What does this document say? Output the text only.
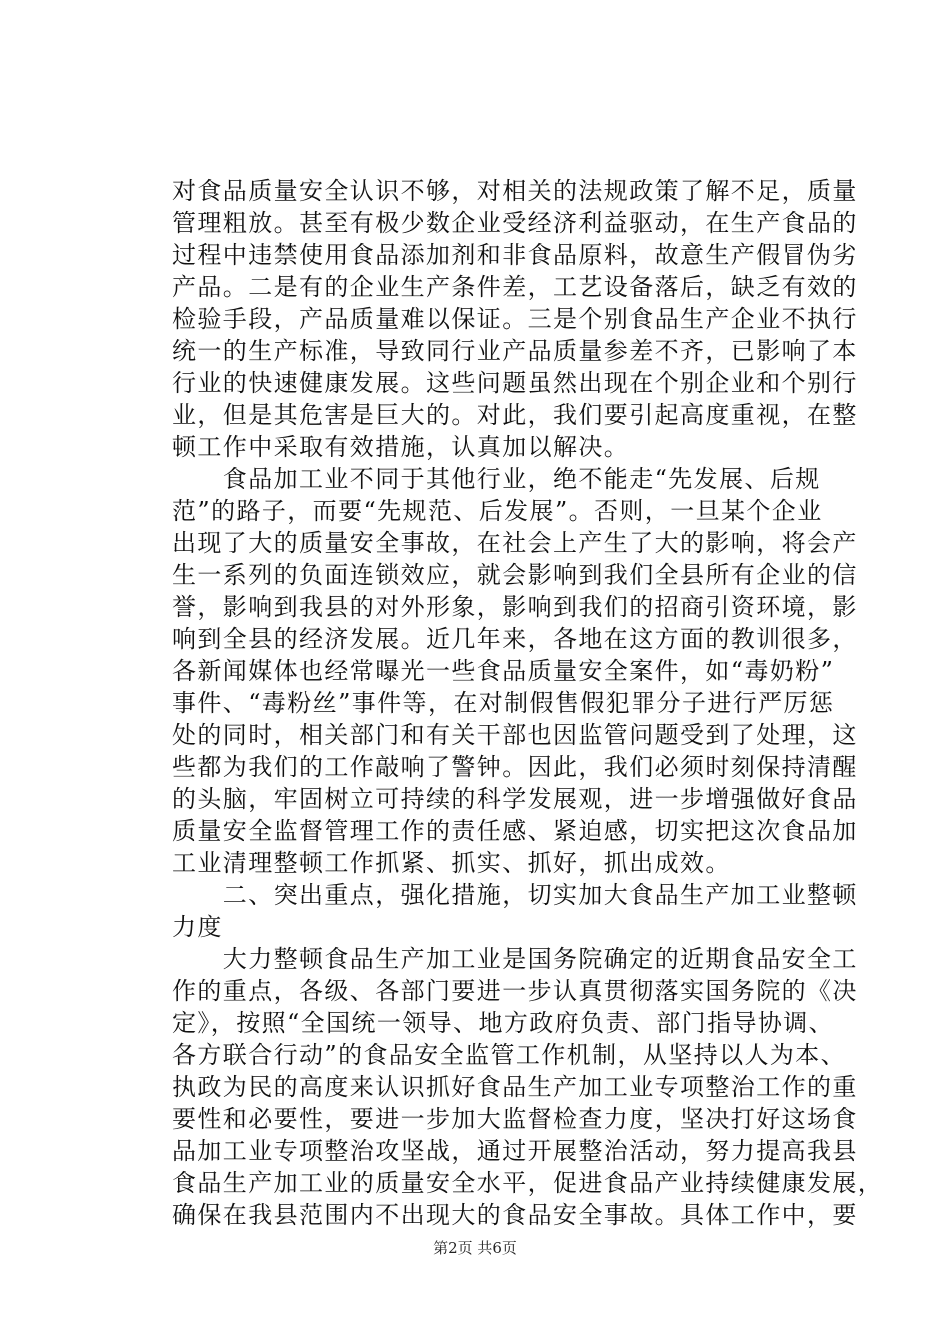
对食品质量安全认识不够，对相关的法规政策了解不足，质量
管理粗放。甚至有极少数企业受经济利益驱动，在生产食品的
过程中违禁使用食品添加剂和非食品原料，故意生产假冒伪劣
产品。二是有的企业生产条件差，工艺设备落后，缺乏有效的
检验手段，产品质量难以保证。三是个别食品生产企业不执行
统一的生产标准，导致同行业产品质量参差不齐，已影响了本
行业的快速健康发展。这些问题虽然出现在个别企业和个别行
业，但是其危害是巨大的。对此，我们要引起高度重视，在整
顿工作中采取有效措施，认真加以解决。
　　食品加工业不同于其他行业，绝不能走“先发展、后规
范”的路子，而要“先规范、后发展”。否则，一旦某个企业
出现了大的质量安全事故，在社会上产生了大的影响，将会产
生一系列的负面连锁效应，就会影响到我们全县所有企业的信
誉，影响到我县的对外形象，影响到我们的招商引资环境，影
响到全县的经济发展。近几年来，各地在这方面的教训很多，
各新闻媒体也经常曝光一些食品质量安全案件，如“毒奶粉”
事件、“毒粉丝”事件等，在对制假售假犯罪分子进行严厉惩
处的同时，相关部门和有关干部也因监管问题受到了处理，这
些都为我们的工作敲响了警钟。因此，我们必须时刻保持清醒
的头脑，牢固树立可持续的科学发展观，进一步增强做好食品
质量安全监督管理工作的责任感、紧迫感，切实把这次食品加
工业清理整顿工作抓紧、抓实、抓好，抓出成效。
　　二、突出重点，强化措施，切实加大食品生产加工业整顿
力度
　　大力整顿食品生产加工业是国务院确定的近期食品安全工
作的重点，各级、各部门要进一步认真贯彻落实国务院的《决
定》，按照“全国统一领导、地方政府负责、部门指导协调、
各方联合行动”的食品安全监管工作机制，从坚持以人为本、
执政为民的高度来认识抓好食品生产加工业专项整治工作的重
要性和必要性，要进一步加大监督检查力度，坚决打好这场食
品加工业专项整治攻坚战，通过开展整治活动，努力提高我县
食品生产加工业的质量安全水平，促进食品产业持续健康发展，
确保在我县范围内不出现大的食品安全事故。具体工作中，要
第2页 共6页
